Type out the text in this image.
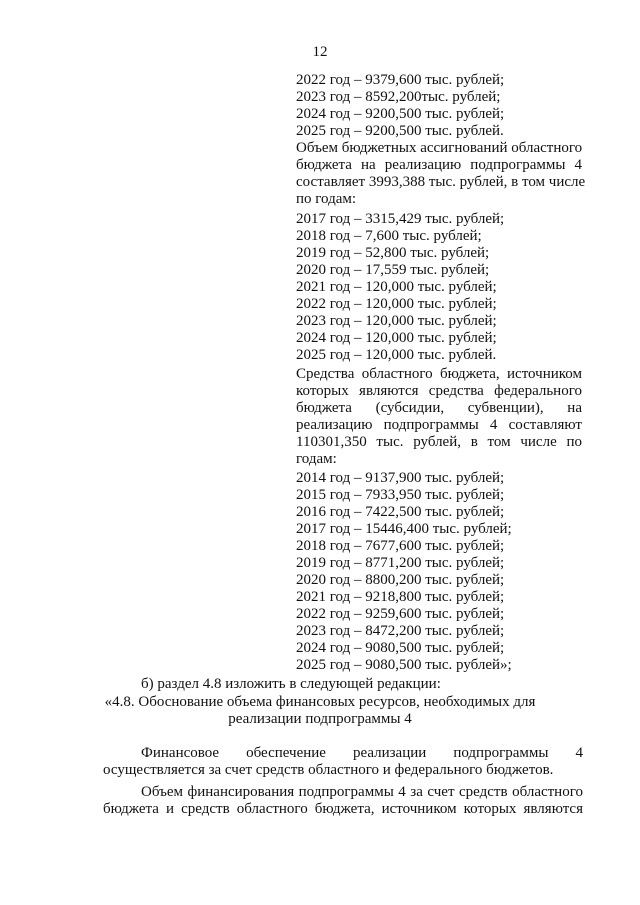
12
2022 год – 9379,600 тыс. рублей;
2023 год – 8592,200тыс. рублей;
2024 год – 9200,500 тыс. рублей;
2025 год – 9200,500 тыс. рублей.
Объем бюджетных ассигнований областного
бюджета на реализацию подпрограммы 4
составляет 3993,388 тыс. рублей, в том числе
по годам:
2017 год – 3315,429 тыс. рублей;
2018 год – 7,600 тыс. рублей;
2019 год – 52,800 тыс. рублей;
2020 год – 17,559 тыс. рублей;
2021 год – 120,000 тыс. рублей;
2022 год – 120,000 тыс. рублей;
2023 год – 120,000 тыс. рублей;
2024 год – 120,000 тыс. рублей;
2025 год – 120,000 тыс. рублей.
Средства областного бюджета, источником
которых являются средства федерального
бюджета (субсидии, субвенции), на
реализацию подпрограммы 4 составляют
110301,350 тыс. рублей, в том числе по
годам:
2014 год – 9137,900 тыс. рублей;
2015 год – 7933,950 тыс. рублей;
2016 год – 7422,500 тыс. рублей;
2017 год – 15446,400 тыс. рублей;
2018 год – 7677,600 тыс. рублей;
2019 год – 8771,200 тыс. рублей;
2020 год – 8800,200 тыс. рублей;
2021 год – 9218,800 тыс. рублей;
2022 год – 9259,600 тыс. рублей;
2023 год – 8472,200 тыс. рублей;
2024 год – 9080,500 тыс. рублей;
2025 год – 9080,500 тыс. рублей»;
б) раздел 4.8 изложить в следующей редакции:
«4.8. Обоснование объема финансовых ресурсов, необходимых для
реализации подпрограммы 4
Финансовое обеспечение реализации подпрограммы 4
осуществляется за счет средств областного и федерального бюджетов.
Объем финансирования подпрограммы 4 за счет средств областного
бюджета и средств областного бюджета, источником которых являются
